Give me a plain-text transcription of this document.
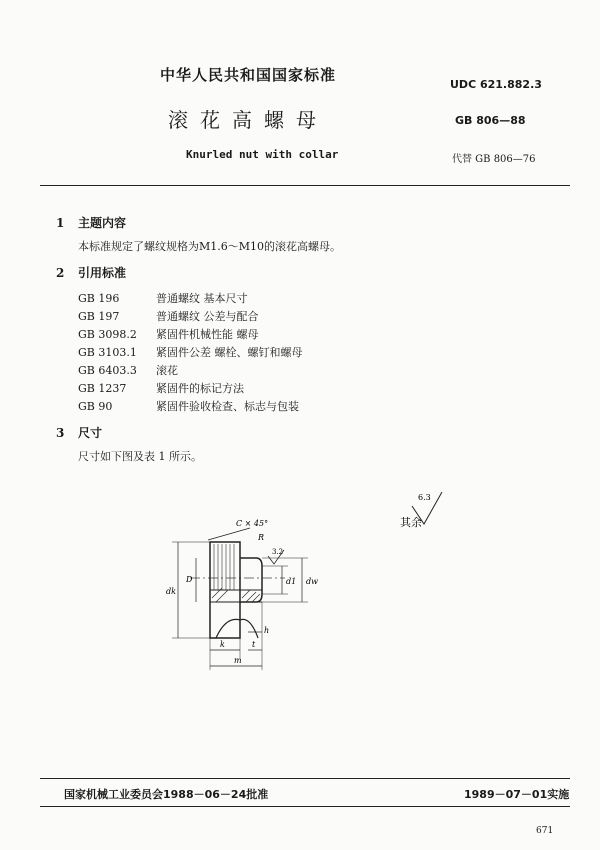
中华人民共和国国家标准
滚花高螺母
Knurled nut with collar
UDC 621.882.3
GB 806—88
代替 GB 806—76
1 主题内容
本标准规定了螺纹规格为M1.6～M10的滚花高螺母。
2 引用标准
GB 196	普通螺纹 基本尺寸
GB 197	普通螺纹 公差与配合
GB 3098.2 紧固件机械性能 螺母
GB 3103.1 紧固件公差 螺栓、螺钉和螺母
GB 6403.3 滚花
GB 1237	紧固件的标记方法
GB 90	紧固件验收检查、标志与包装
3 尺寸
尺寸如下图及表 1 所示。
其余
6.3
C × 45°
R
3.2
dk
D	d1 dw
k	t
h
m
国家机械工业委员会1988－06－24批准	1989－07－01实施
671
